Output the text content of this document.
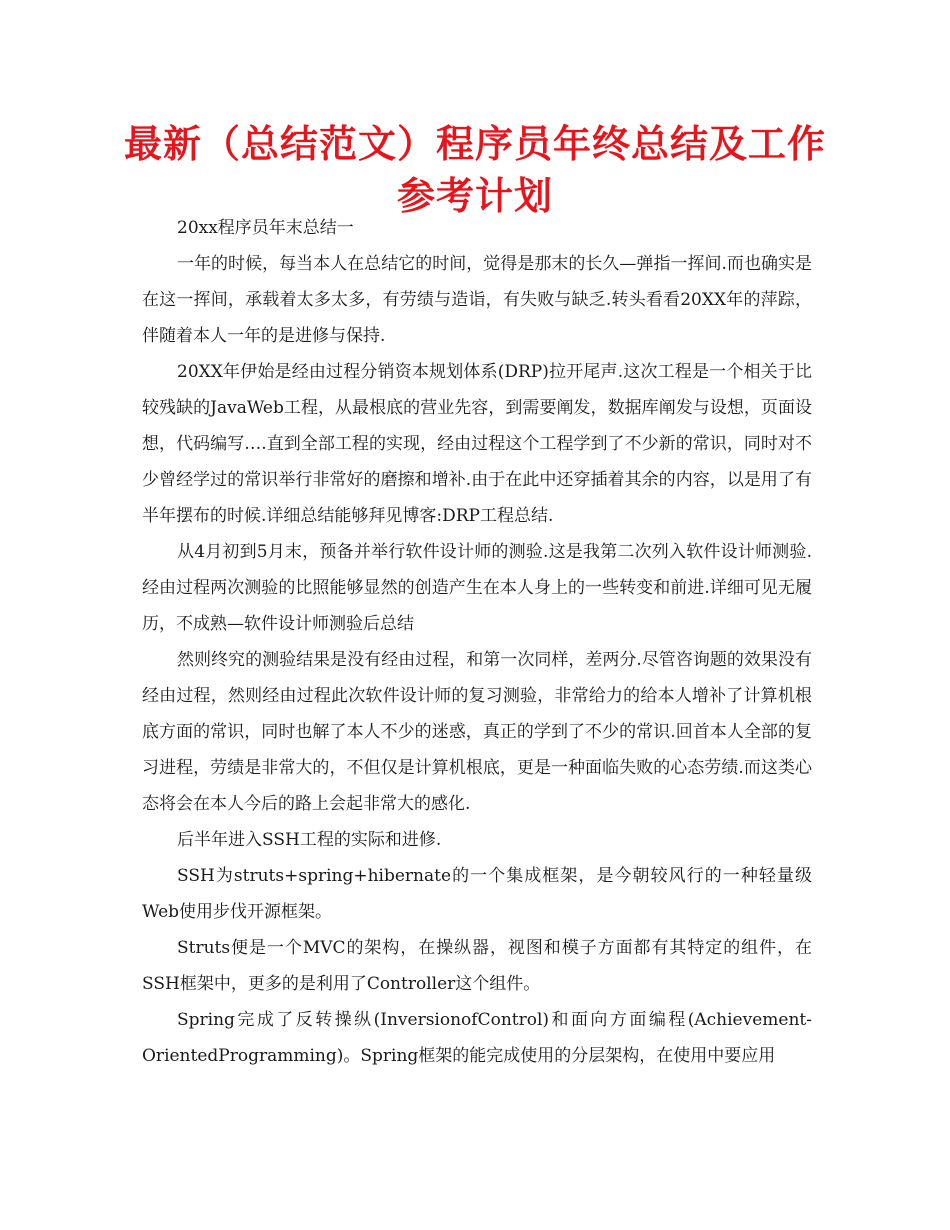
最新（总结范文）程序员年终总结及工作参考计划

20xx程序员年末总结一

一年的时候，每当本人在总结它的时间，觉得是那末的长久—弹指一挥间.而也确实是在这一挥间，承载着太多太多，有劳绩与造诣，有失败与缺乏.转头看看20XX年的萍踪，伴随着本人一年的是进修与保持.

20XX年伊始是经由过程分销资本规划体系(DRP)拉开尾声.这次工程是一个相关于比较残缺的JavaWeb工程，从最根底的营业先容，到需要阐发，数据库阐发与设想，页面设想，代码编写….直到全部工程的实现，经由过程这个工程学到了不少新的常识，同时对不少曾经学过的常识举行非常好的磨擦和增补.由于在此中还穿插着其余的内容，以是用了有半年摆布的时候.详细总结能够拜见博客:DRP工程总结.

从4月初到5月末，预备并举行软件设计师的测验.这是我第二次列入软件设计师测验.经由过程两次测验的比照能够显然的创造产生在本人身上的一些转变和前进.详细可见无履历，不成熟—软件设计师测验后总结

然则终究的测验结果是没有经由过程，和第一次同样，差两分.尽管咨询题的效果没有经由过程，然则经由过程此次软件设计师的复习测验，非常给力的给本人增补了计算机根底方面的常识，同时也解了本人不少的迷惑，真正的学到了不少的常识.回首本人全部的复习进程，劳绩是非常大的，不但仅是计算机根底，更是一种面临失败的心态劳绩.而这类心态将会在本人今后的路上会起非常大的感化.

后半年进入SSH工程的实际和进修.

SSH为struts+spring+hibernate的一个集成框架，是今朝较风行的一种轻量级Web使用步伐开源框架。

Struts便是一个MVC的架构，在操纵器，视图和模子方面都有其特定的组件，在SSH框架中，更多的是利用了Controller这个组件。

Spring完成了反转操纵(InversionofControl)和面向方面编程(Achievement-OrientedProgramming)。Spring框架的能完成使用的分层架构，在使用中要应用
